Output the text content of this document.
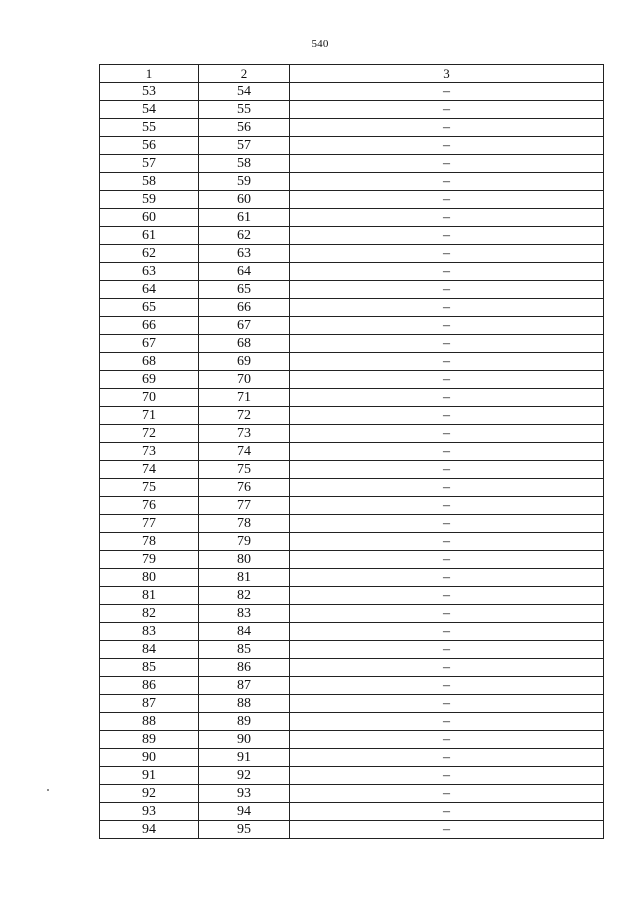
540
1	2	3
53	54	–
54	55	–
55	56	–
56	57	–
57	58	–
58	59	–
59	60	–
60	61	–
61	62	–
62	63	–
63	64	–
64	65	–
65	66	–
66	67	–
67	68	–
68	69	–
69	70	–
70	71	–
71	72	–
72	73	–
73	74	–
74	75	–
75	76	–
76	77	–
77	78	–
78	79	–
79	80	–
80	81	–
81	82	–
82	83	–
83	84	–
84	85	–
85	86	–
86	87	–
87	88	–
88	89	–
89	90	–
90	91	–
91	92	–
92	93	–
93	94	–
94	95	–
